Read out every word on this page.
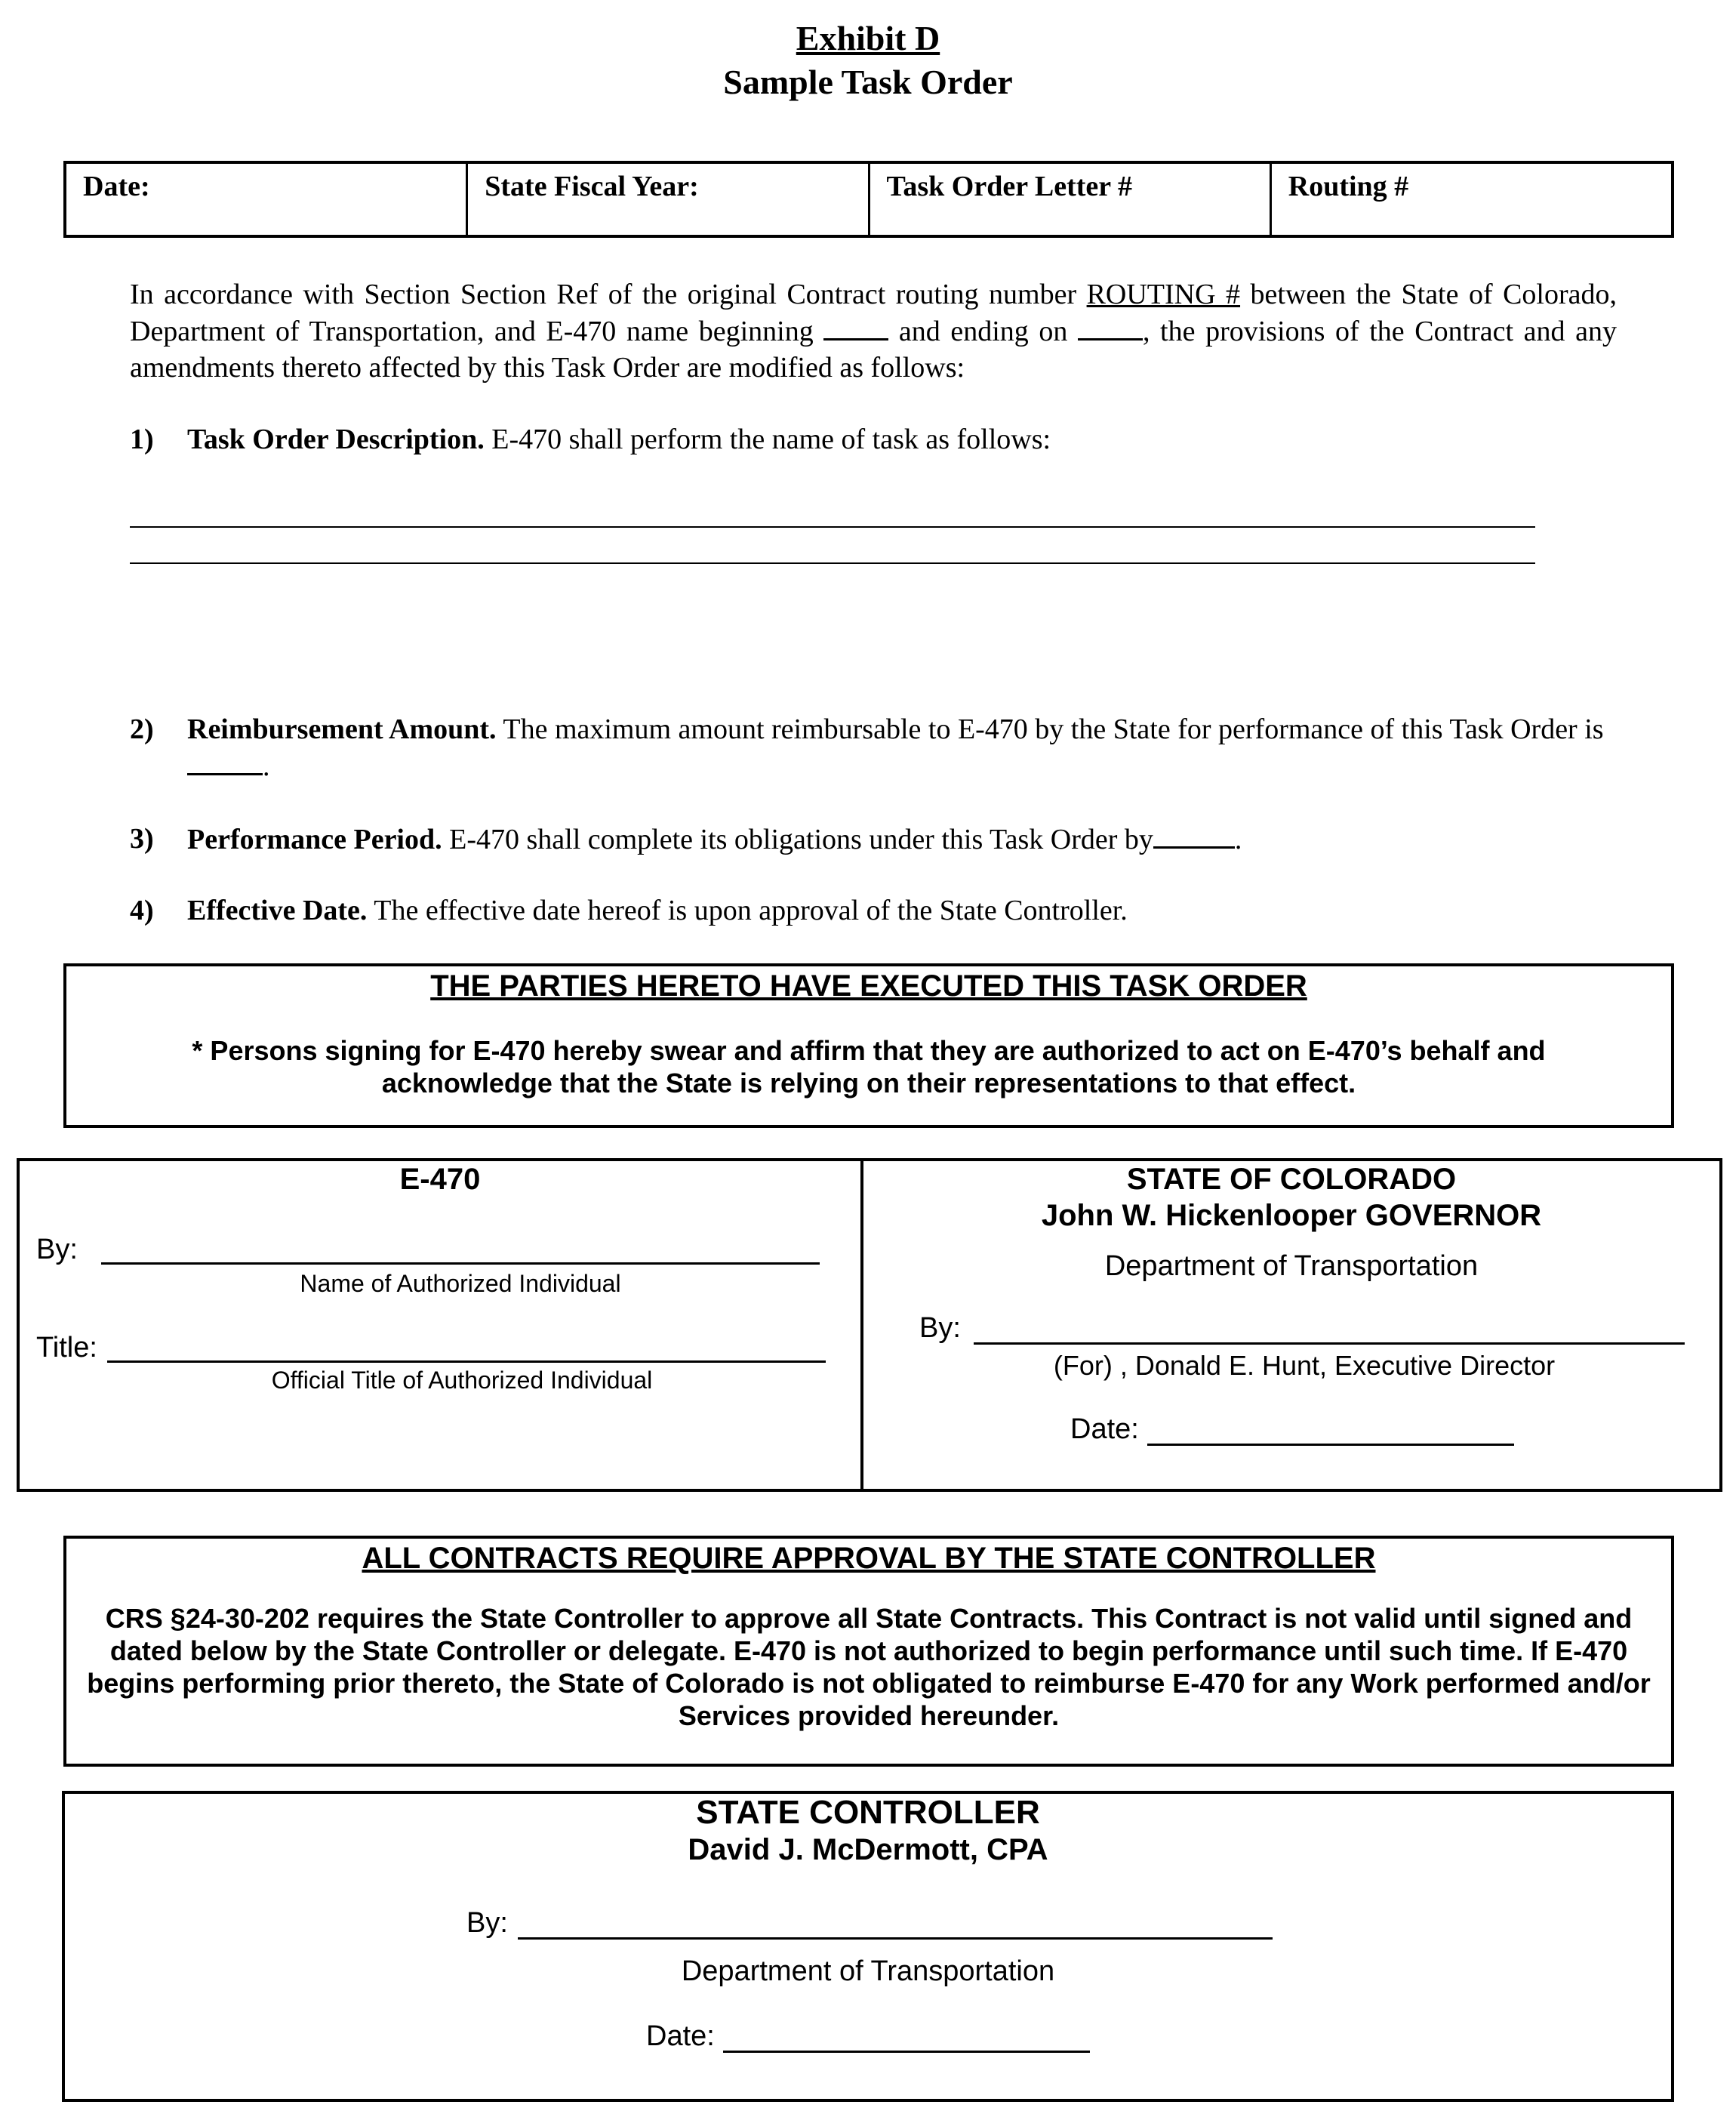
Exhibit D
Sample Task Order
Date:	State Fiscal Year:	Task Order Letter #	Routing #
In accordance with Section Section Ref of the original Contract routing number ROUTING # between the State of Colorado, Department of Transportation, and E-470 name beginning  and ending on , the provisions of the Contract and any amendments thereto affected by this Task Order are modified as follows:
1)	Task Order Description. E-470 shall perform the name of task as follows:
2)	Reimbursement Amount. The maximum amount reimbursable to E-470 by the State for performance of this Task Order is .
3)	Performance Period. E-470 shall complete its obligations under this Task Order by	.
4)	Effective Date. The effective date hereof is upon approval of the State Controller.
THE PARTIES HERETO HAVE EXECUTED THIS TASK ORDER
* Persons signing for E-470 hereby swear and affirm that they are authorized to act on E-470’s behalf and acknowledge that the State is relying on their representations to that effect.
E-470
By:
Name of Authorized Individual
Title:
Official Title of Authorized Individual
STATE OF COLORADO
John W. Hickenlooper GOVERNOR
Department of Transportation
By:
(For) , Donald E. Hunt, Executive Director
Date:
ALL CONTRACTS REQUIRE APPROVAL BY THE STATE CONTROLLER
CRS §24-30-202 requires the State Controller to approve all State Contracts. This Contract is not valid until signed and dated below by the State Controller or delegate. E-470 is not authorized to begin performance until such time. If E-470 begins performing prior thereto, the State of Colorado is not obligated to reimburse E-470 for any Work performed and/or Services provided hereunder.
STATE CONTROLLER
David J. McDermott, CPA
By:
Department of Transportation
Date:
